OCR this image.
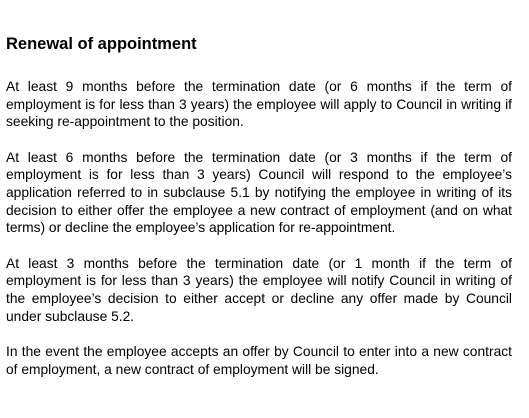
Renewal of appointment

At least 9 months before the termination date (or 6 months if the term of employment is for less than 3 years) the employee will apply to Council in writing if seeking re-appointment to the position.

At least 6 months before the termination date (or 3 months if the term of employment is for less than 3 years) Council will respond to the employee’s application referred to in subclause 5.1 by notifying the employee in writing of its decision to either offer the employee a new contract of employment (and on what terms) or decline the employee’s application for re-appointment.

At least 3 months before the termination date (or 1 month if the term of employment is for less than 3 years) the employee will notify Council in writing of the employee’s decision to either accept or decline any offer made by Council under subclause 5.2.

In the event the employee accepts an offer by Council to enter into a new contract of employment, a new contract of employment will be signed.
